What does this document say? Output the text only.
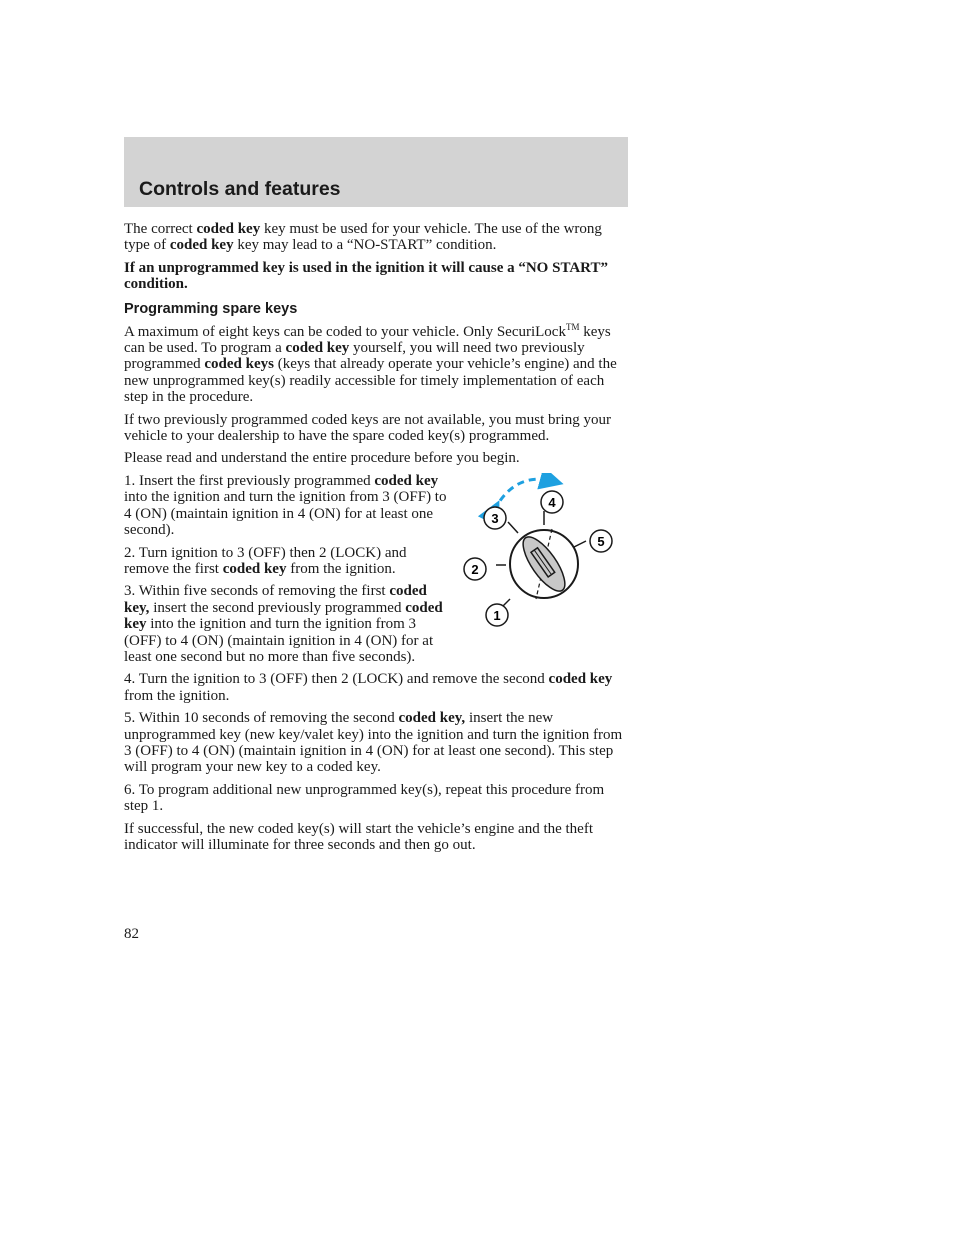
Controls and features

The correct coded key key must be used for your vehicle. The use of the wrong type of coded key key may lead to a “NO-START” condition.

If an unprogrammed key is used in the ignition it will cause a “NO START” condition.

Programming spare keys

A maximum of eight keys can be coded to your vehicle. Only SecuriLock™ keys can be used. To program a coded key yourself, you will need two previously programmed coded keys (keys that already operate your vehicle’s engine) and the new unprogrammed key(s) readily accessible for timely implementation of each step in the procedure.

If two previously programmed coded keys are not available, you must bring your vehicle to your dealership to have the spare coded key(s) programmed.

Please read and understand the entire procedure before you begin.

4
3
5
2
1

1. Insert the first previously programmed coded key into the ignition and turn the ignition from 3 (OFF) to 4 (ON) (maintain ignition in 4 (ON) for at least one second).

2. Turn ignition to 3 (OFF) then 2 (LOCK) and remove the first coded key from the ignition.

3. Within five seconds of removing the first coded key, insert the second previously programmed coded key into the ignition and turn the ignition from 3 (OFF) to 4 (ON) (maintain ignition in 4 (ON) for at least one second but no more than five seconds).

4. Turn the ignition to 3 (OFF) then 2 (LOCK) and remove the second coded key from the ignition.

5. Within 10 seconds of removing the second coded key, insert the new unprogrammed key (new key/valet key) into the ignition and turn the ignition from 3 (OFF) to 4 (ON) (maintain ignition in 4 (ON) for at least one second). This step will program your new key to a coded key.

6. To program additional new unprogrammed key(s), repeat this procedure from step 1.

If successful, the new coded key(s) will start the vehicle’s engine and the theft indicator will illuminate for three seconds and then go out.

82
